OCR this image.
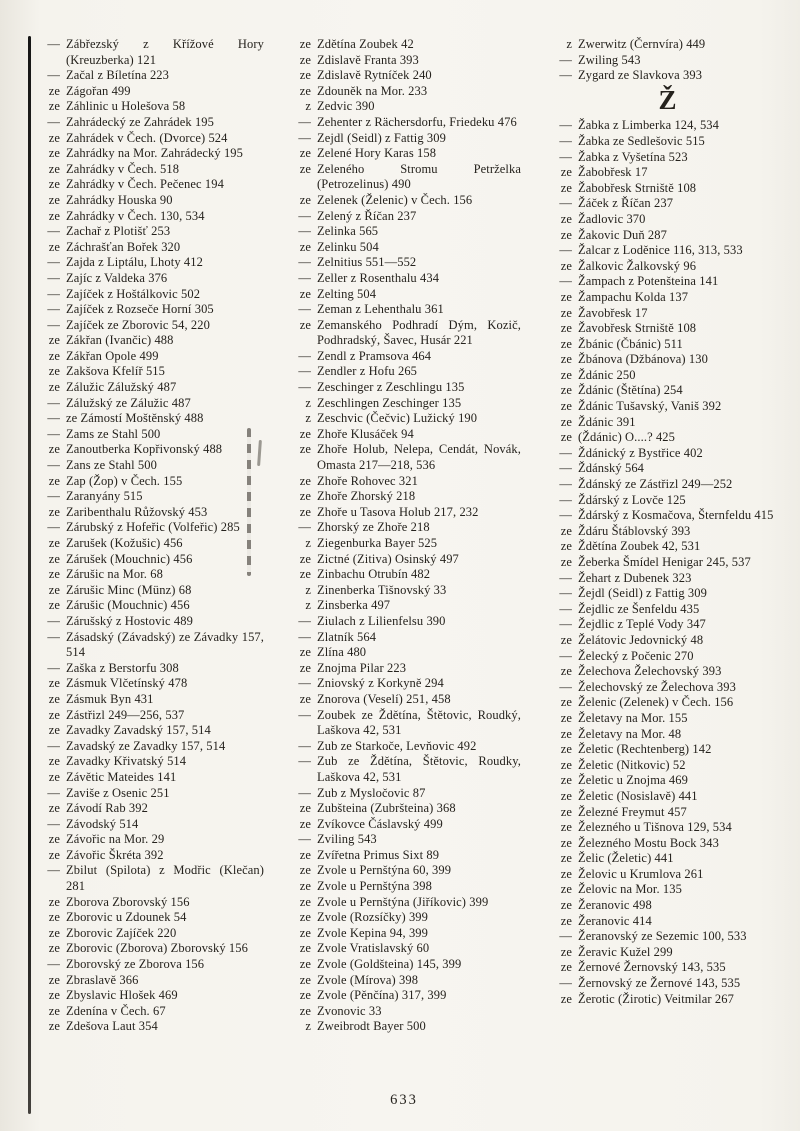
— Zábřezský z Křížové Hory (Kreuzberka) 121
— Začal z Bíletína 223
ze Zágořan 499
ze Záhlinic u Holešova 58
— Zahrádecký ze Zahrádek 195
ze Zahrádek v Čech. (Dvorce) 524
ze Zahrádky na Mor. Zahrádecký 195
ze Zahrádky v Čech. 518
ze Zahrádky v Čech. Pečenec 194
ze Zahrádky Houska 90
ze Zahrádky v Čech. 130, 534
— Zachař z Plotišť 253
ze Záchrašťan Bořek 320
— Zajda z Liptálu, Lhoty 412
— Zajíc z Valdeka 376
— Zajíček z Hoštálkovic 502
— Zajíček z Rozseče Horní 305
— Zajíček ze Zborovic 54, 220
ze Zákřan (Ivančic) 488
ze Zákřan Opole 499
ze Zakšova Kfelíř 515
ze Zálužic Zálužský 487
— Zálužský ze Zálužic 487
— ze Zámostí Moštěnský 488
— Zams ze Stahl 500
ze Zanoutberka Kopřivonský 488
— Zans ze Stahl 500
ze Zap (Žop) v Čech. 155
— Zaranyány 515
ze Zaribenthalu Růžovský 453
— Zárubský z Hofeřic (Volfeřic) 285
ze Zarušek (Kožušic) 456
ze Zárušek (Mouchnic) 456
ze Zárušic na Mor. 68
ze Zárušic Minc (Münz) 68
ze Zárušic (Mouchnic) 456
— Zárušský z Hostovic 489
— Zásadský (Závadský) ze Závadky 157, 514
— Zaška z Berstorfu 308
ze Zásmuk Vlčetínský 478
ze Zásmuk Byn 431
ze Zástřizl 249—256, 537
ze Zavadky Zavadský 157, 514
— Zavadský ze Zavadky 157, 514
ze Zavadky Křivatský 514
ze Závětic Mateides 141
— Zaviše z Osenic 251
ze Závodí Rab 392
— Závodský 514
ze Závořic na Mor. 29
ze Závořic Škréta 392
— Zbilut (Spilota) z Modřic (Klečan) 281
ze Zborova Zborovský 156
ze Zborovic u Zdounek 54
ze Zborovic Zajíček 220
ze Zborovic (Zborova) Zborovský 156
— Zborovský ze Zborova 156
ze Zbraslavě 366
ze Zbyslavic Hlošek 469
ze Zdenína v Čech. 67
ze Zdešova Laut 354
ze Zdětína Zoubek 42
ze Zdislavě Franta 393
ze Zdislavě Rytníček 240
ze Zdouněk na Mor. 233
z Zedvic 390
— Zehenter z Rächersdorfu, Friedeku 476
— Zejdl (Seidl) z Fattig 309
ze Zelené Hory Karas 158
ze Zeleného Stromu Petrželka (Petrozelinus) 490
ze Zelenek (Želenic) v Čech. 156
— Zelený z Říčan 237
— Zelinka 565
ze Zelinku 504
— Zelnitius 551—552
— Zeller z Rosenthalu 434
ze Zelting 504
— Zeman z Lehenthalu 361
ze Zemanského Podhradí Dým, Kozič, Podhradský, Šavec, Husár 221
— Zendl z Pramsova 464
— Zendler z Hofu 265
— Zeschinger z Zeschlingu 135
z Zeschlingen Zeschinger 135
z Zeschvic (Čečvic) Lužický 190
ze Zhoře Klusáček 94
ze Zhoře Holub, Nelepa, Cendát, Novák, Omasta 217—218, 536
ze Zhoře Rohovec 321
ze Zhoře Zhorský 218
ze Zhoře u Tasova Holub 217, 232
— Zhorský ze Zhoře 218
z Ziegenburka Bayer 525
ze Zictné (Zitiva) Osinský 497
ze Zinbachu Otrubín 482
z Zinenberka Tišnovský 33
z Zinsberka 497
— Ziulach z Lilienfelsu 390
— Zlatník 564
ze Zlína 480
ze Znojma Pilar 223
— Zniovský z Korkyně 294
ze Znorova (Veselí) 251, 458
— Zoubek ze Ždětína, Štětovic, Roudký, Laškova 42, 531
— Zub ze Starkoče, Levňovic 492
— Zub ze Ždětína, Štětovic, Roudky, Laškova 42, 531
— Zub z Mysločovic 87
ze Zubšteina (Zubršteina) 368
ze Zvíkovce Čáslavský 499
— Zviling 543
ze Zvířetna Primus Sixt 89
ze Zvole u Pernštýna 60, 399
ze Zvole u Pernštýna 398
ze Zvole u Pernštýna (Jiříkovic) 399
ze Zvole (Rozsíčky) 399
ze Zvole Kepina 94, 399
ze Zvole Vratislavský 60
ze Zvole (Goldšteina) 145, 399
ze Zvole (Mírova) 398
ze Zvole (Pěnčína) 317, 399
ze Zvonovic 33
z Zweibrodt Bayer 500
z Zwerwitz (Černvíra) 449
— Zwiling 543
— Zygard ze Slavkova 393
Ž
— Žabka z Limberka 124, 534
— Žabka ze Sedlešovic 515
— Žabka z Vyšetína 523
ze Žabobřesk 17
ze Žabobřesk Strniště 108
— Žáček z Říčan 237
ze Žadlovic 370
ze Žakovic Duň 287
— Žalcar z Loděnice 116, 313, 533
ze Žalkovic Žalkovský 96
— Žampach z Potenšteina 141
ze Žampachu Kolda 137
ze Žavobřesk 17
ze Žavobřesk Strniště 108
ze Žbánic (Čbánic) 511
ze Žbánova (Džbánova) 130
ze Ždánic 250
ze Ždánic (Štětína) 254
ze Ždánic Tušavský, Vaniš 392
ze Ždánic 391
ze (Ždánic) O....? 425
— Ždánický z Bystřice 402
— Ždánský 564
— Ždánský ze Zástřizl 249—252
— Ždárský z Lovče 125
— Ždárský z Kosmačova, Šternfeldu 415
ze Ždáru Štáblovský 393
ze Ždětína Zoubek 42, 531
ze Žeberka Šmídel Henigar 245, 537
— Žehart z Dubenek 323
— Žejdl (Seidl) z Fattig 309
— Žejdlic ze Šenfeldu 435
— Žejdlic z Teplé Vody 347
ze Želátovic Jedovnický 48
— Želecký z Počenic 270
ze Želechova Želechovský 393
— Želechovský ze Želechova 393
ze Želenic (Zelenek) v Čech. 156
ze Želetavy na Mor. 155
ze Želetavy na Mor. 48
ze Želetic (Rechtenberg) 142
ze Želetic (Nitkovic) 52
ze Želetic u Znojma 469
ze Želetic (Nosislavě) 441
ze Železné Freymut 457
ze Železného u Tišnova 129, 534
ze Železného Mostu Bock 343
ze Želic (Želetic) 441
ze Želovic u Krumlova 261
ze Želovic na Mor. 135
ze Žeranovic 498
ze Žeranovic 414
— Žeranovský ze Sezemic 100, 533
ze Žeravic Kužel 299
ze Žernové Žernovský 143, 535
— Žernovský ze Žernové 143, 535
ze Žerotic (Žirotic) Veitmilar 267
633
